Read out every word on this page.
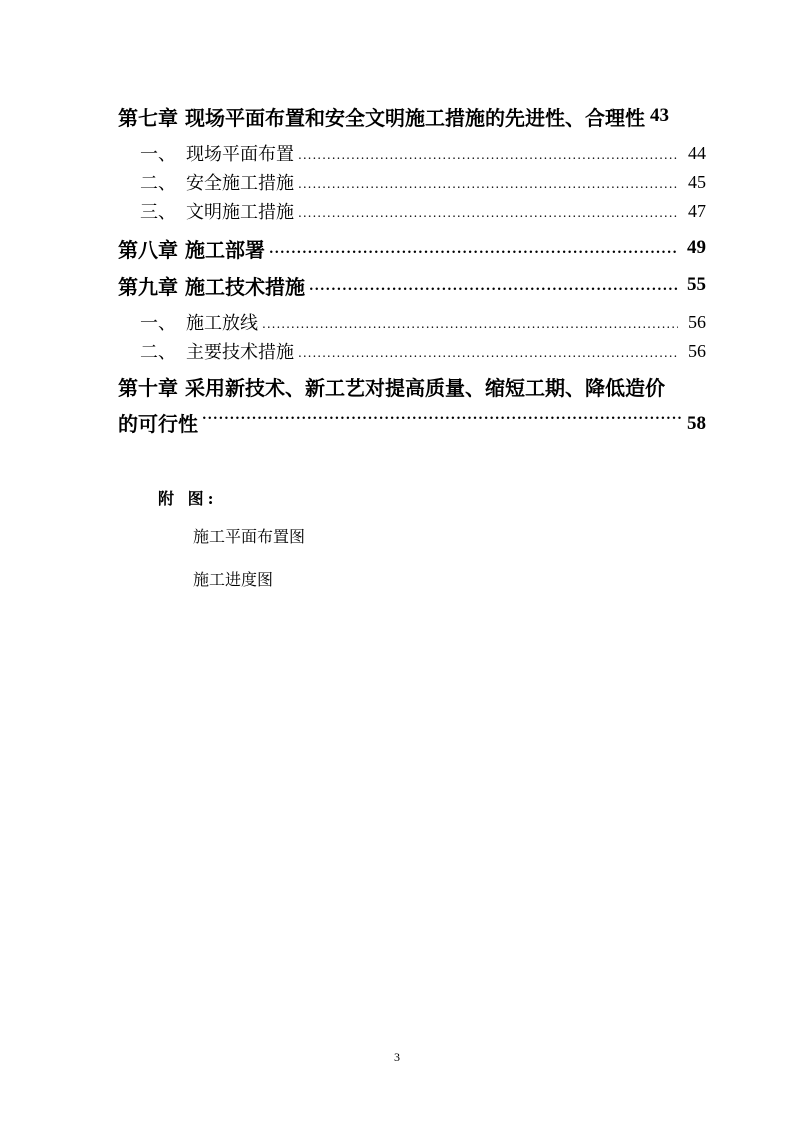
第七章 现场平面布置和安全文明施工措施的先进性、合理性 43
一、 现场平面布置 .....	44
二、 安全施工措施 .....	45
三、 文明施工措施 .....	47
第八章 施工部署 .....	49
第九章 施工技术措施 .....	55
一、 施工放线 .....	56
二、 主要技术措施 .....	56
第十章 采用新技术、新工艺对提高质量、缩短工期、降低造价
的可行性 .....	58
附 图:
施工平面布置图
施工进度图
3
